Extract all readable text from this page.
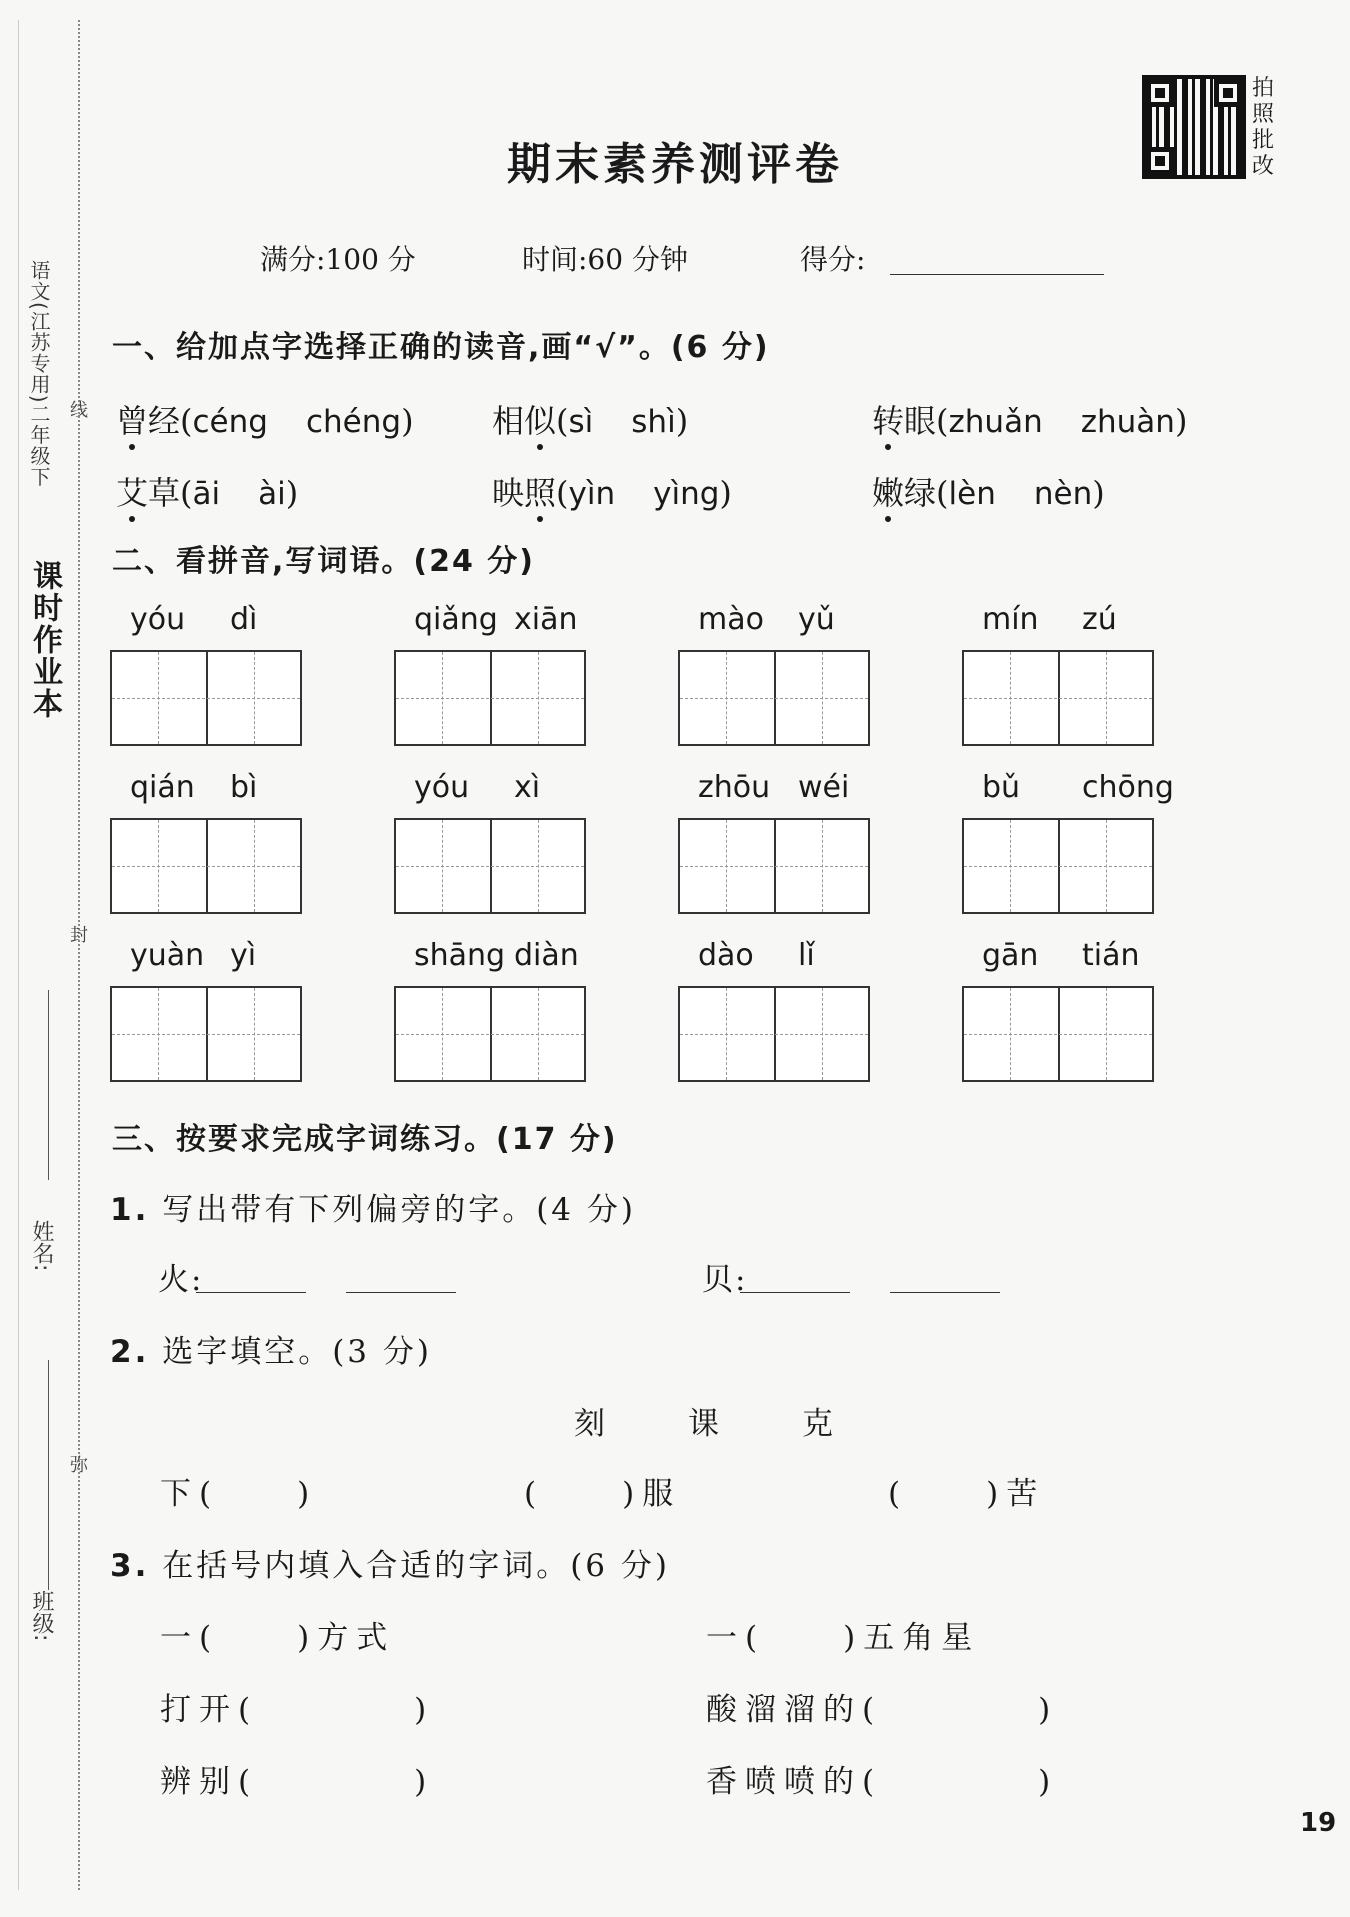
课时作业本
语文(江苏专用)二年级下 线
封
弥
姓名:
班级:
期末素养测评卷
拍照批改
满分:100 分	时间:60 分钟	得分:
一、给加点字选择正确的读音,画“√”。(6 分)
曾经(céng chéng) 相似(sì shì)	转眼(zhuǎn zhuàn)
艾草(āi ài)	映照(yìn yìng)	嫩绿(lèn nèn)
二、看拼音,写词语。(24 分)
yóu dì	qiǎng xiān	mào yǔ	mín zú
qián bì	yóu xì	zhōu wéi	bǔ chōng
yuàn yì	shāng diàn	dào lǐ	gān tián
三、按要求完成字词练习。(17 分)
1. 写出带有下列偏旁的字。(4 分)
火:	贝:
2. 选字填空。(3 分)
刻	课	克
下(　　)	(　　)服	(　　)苦
3. 在括号内填入合适的字词。(6 分)
一(　　)方式	一(　　)五角星
打开(　　　　)	酸溜溜的(　　　　)
辨别(　　　　)	香喷喷的(　　　　)
19
